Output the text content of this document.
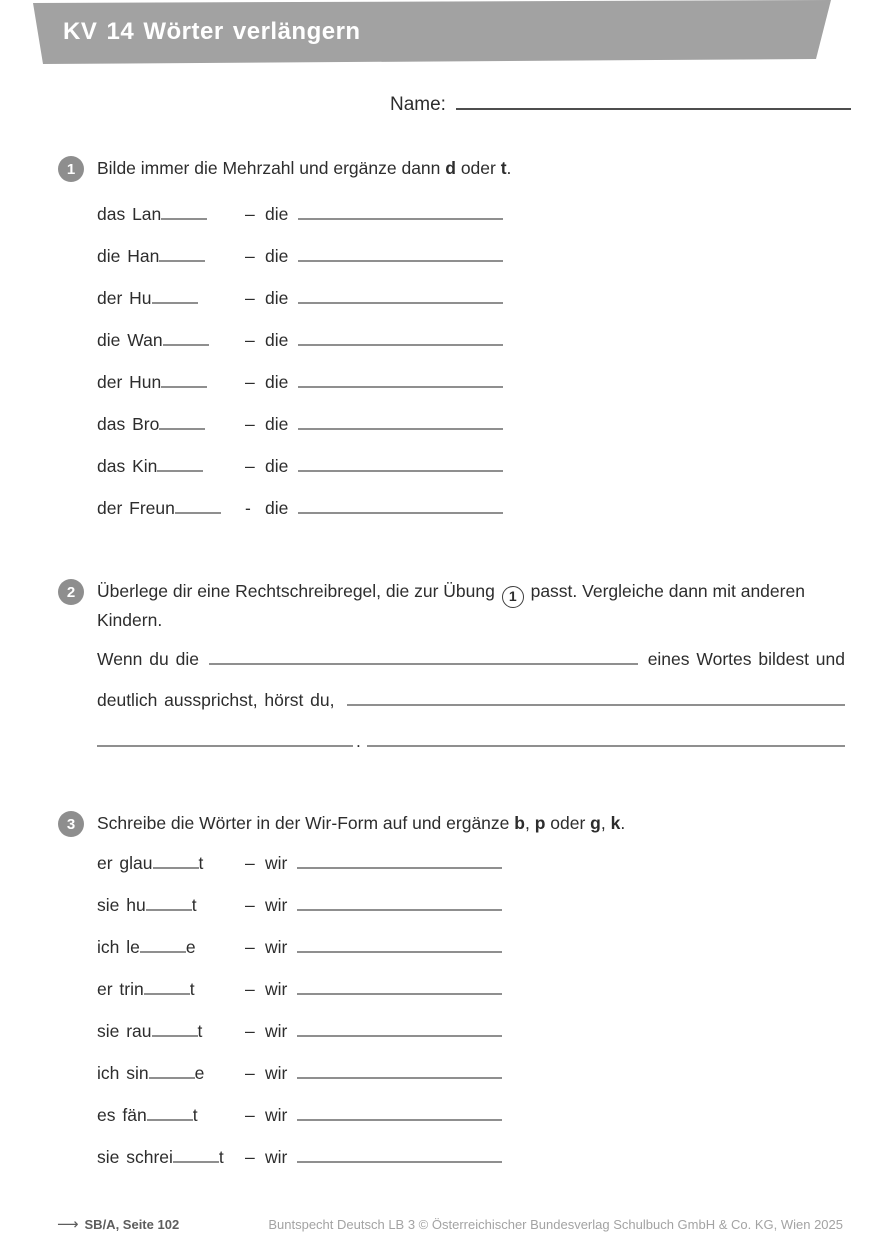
KV 14 Wörter verlängern
Name:
1	Bilde immer die Mehrzahl und ergänze dann d oder t.
das Lan	– die
die Han	– die
der Hu	– die
die Wan	– die
der Hun	– die
das Bro	– die
das Kin	– die
der Freun	- die
2	Überlege dir eine Rechtschreibregel, die zur Übung 1 passt. Vergleiche dann mit anderen
Kindern.
Wenn du die	eines Wortes bildest und
deutlich aussprichst, hörst du,
.
3	Schreibe die Wörter in der Wir-Form auf und ergänze b, p oder g, k.
er glau	t – wir
sie hu	t	– wir
ich le	e	– wir
er trin	t	– wir
sie rau	t – wir
ich sin	e – wir
es fän	t	– wir
sie schrei	t – wir
⟶ SB/A, Seite 102	Buntspecht Deutsch LB 3 © Österreichischer Bundesverlag Schulbuch GmbH & Co. KG, Wien 2025
